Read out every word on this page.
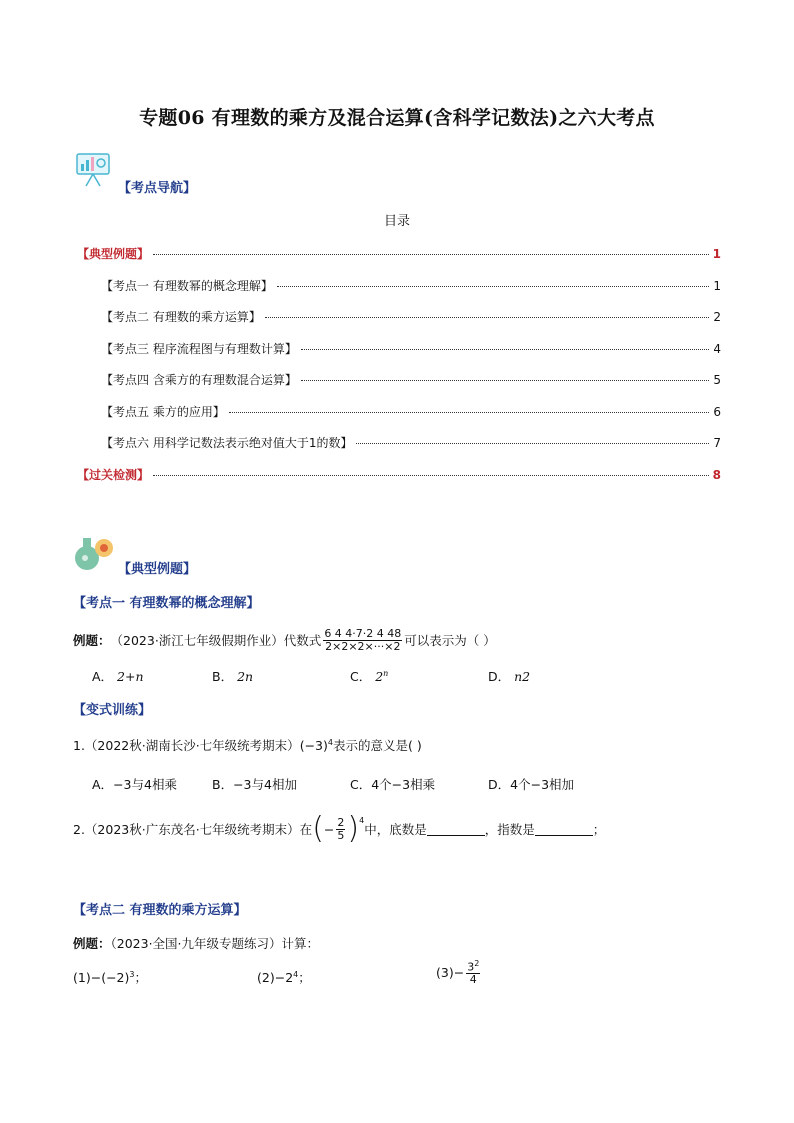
专题06 有理数的乘方及混合运算(含科学记数法)之六大考点
【考点导航】
目录
【典型例题】	1
【考点一 有理数幂的概念理解】	1
【考点二 有理数的乘方运算】	2
【考点三 程序流程图与有理数计算】	4
【考点四 含乘方的有理数混合运算】	5
【考点五 乘方的应用】	6
【考点六 用科学记数法表示绝对值大于1的数】	7
【过关检测】	8
【典型例题】
【考点一 有理数幂的概念理解】
例题： （2023·浙江七年级假期作业）代数式 $\frac{6 4 4\cdot 7\cdot 2 4 48}{2\times 2\times 2\times\cdot\cdot\cdot\times 2}$ 可以表示为（ ）
A． 2+n	B． 2n	C． 2$^n$	D． n2
【变式训练】
1.（2022秋·湖南长沙·七年级统考期末）$(-3)^4$表示的意义是( )
A．−3与4相乘	B．−3与4相加	C．4个−3相乘	D．4个−3相加
2.（2023秋·广东茂名·七年级统考期末）在 ( − $\frac{2}{5} )^4$
中，底数是	，指数是	；
【考点二 有理数的乘方运算】
例题：（2023·全国·九年级专题练习）计算：
$(1)-(-2)^3$；	$(2)-2^4$；	$(3) - \frac{3^2}{4}$
